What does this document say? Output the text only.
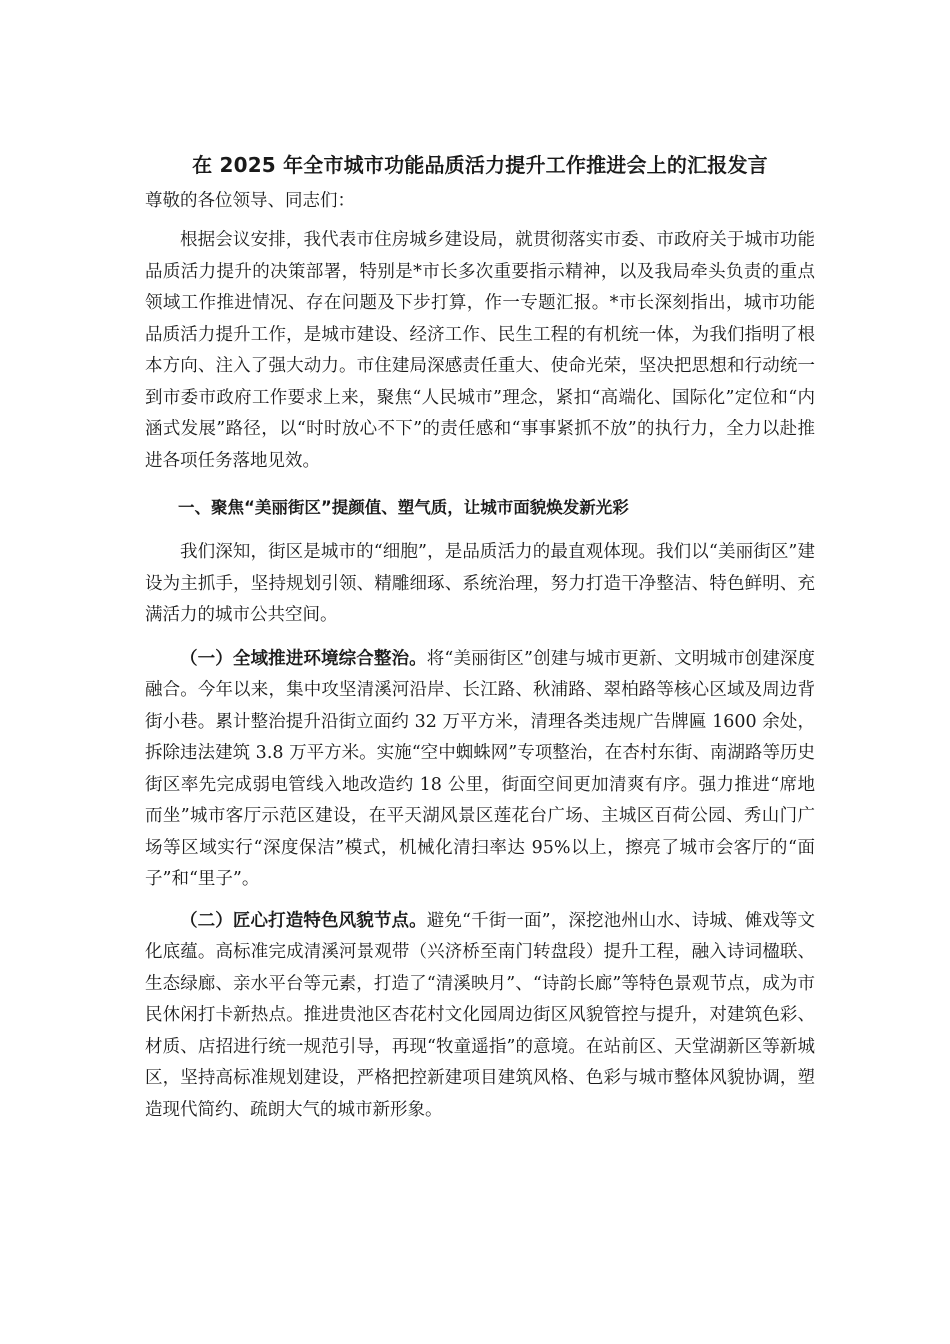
在 2025 年全市城市功能品质活力提升工作推进会上的汇报发言

尊敬的各位领导、同志们：

根据会议安排，我代表市住房城乡建设局，就贯彻落实市委、市政府关于城市功能品质活力提升的决策部署，特别是*市长多次重要指示精神，以及我局牵头负责的重点领域工作推进情况、存在问题及下步打算，作一专题汇报。*市长深刻指出，城市功能品质活力提升工作，是城市建设、经济工作、民生工程的有机统一体，为我们指明了根本方向、注入了强大动力。市住建局深感责任重大、使命光荣，坚决把思想和行动统一到市委市政府工作要求上来，聚焦“人民城市”理念，紧扣“高端化、国际化”定位和“内涵式发展”路径，以“时时放心不下”的责任感和“事事紧抓不放”的执行力，全力以赴推进各项任务落地见效。

一、聚焦“美丽街区”提颜值、塑气质，让城市面貌焕发新光彩

我们深知，街区是城市的“细胞”，是品质活力的最直观体现。我们以“美丽街区”建设为主抓手，坚持规划引领、精雕细琢、系统治理，努力打造干净整洁、特色鲜明、充满活力的城市公共空间。

（一）全域推进环境综合整治。将“美丽街区”创建与城市更新、文明城市创建深度融合。今年以来，集中攻坚清溪河沿岸、长江路、秋浦路、翠柏路等核心区域及周边背街小巷。累计整治提升沿街立面约 32 万平方米，清理各类违规广告牌匾 1600 余处，拆除违法建筑 3.8 万平方米。实施“空中蜘蛛网”专项整治，在杏村东街、南湖路等历史街区率先完成弱电管线入地改造约 18 公里，街面空间更加清爽有序。强力推进“席地而坐”城市客厅示范区建设，在平天湖风景区莲花台广场、主城区百荷公园、秀山门广场等区域实行“深度保洁”模式，机械化清扫率达 95%以上，擦亮了城市会客厅的“面子”和“里子”。

（二）匠心打造特色风貌节点。避免“千街一面”，深挖池州山水、诗城、傩戏等文化底蕴。高标准完成清溪河景观带（兴济桥至南门转盘段）提升工程，融入诗词楹联、生态绿廊、亲水平台等元素，打造了“清溪映月”、“诗韵长廊”等特色景观节点，成为市民休闲打卡新热点。推进贵池区杏花村文化园周边街区风貌管控与提升，对建筑色彩、材质、店招进行统一规范引导，再现“牧童遥指”的意境。在站前区、天堂湖新区等新城区，坚持高标准规划建设，严格把控新建项目建筑风格、色彩与城市整体风貌协调，塑造现代简约、疏朗大气的城市新形象。
